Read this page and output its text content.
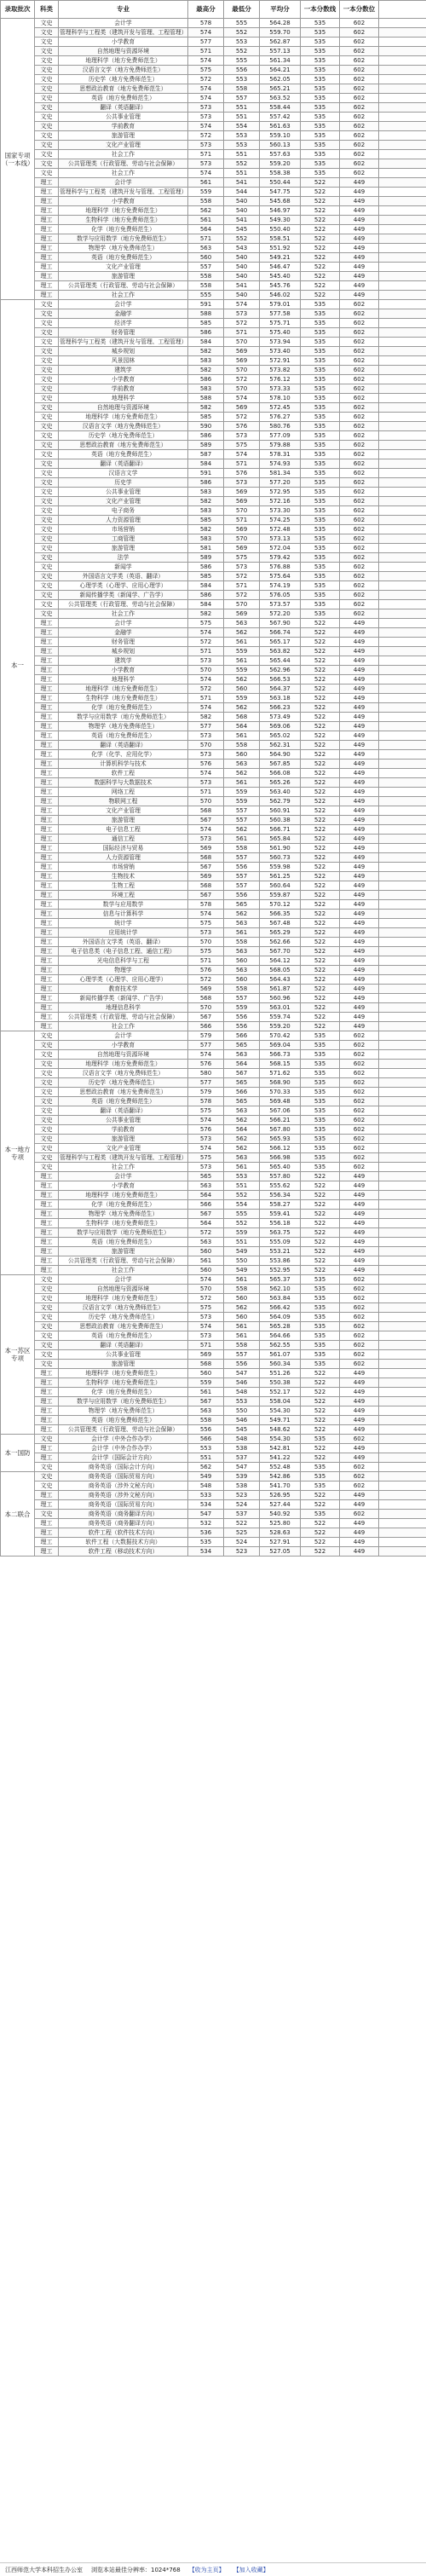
录取批次	科类	专业	最高分	最低分	平均分	一本分数线	一本分数位	
国家专项（一本线）	文史	会计学	578	555	564.28	535	602	
	文史	管理科学与工程类（建筑开发与管理、工程管理）	574	552	559.70	535	602	
	文史	小学教育	577	553	562.87	535	602	
	文史	自然地理与资源环境	571	552	557.13	535	602	
	文史	地理科学（地方免费师范生）	574	555	561.34	535	602	
	文史	汉语言文学（地方免费师范生）	575	556	564.21	535	602	
	文史	历史学（地方免费师范生）	572	553	562.05	535	602	
	文史	思想政治教育（地方免费师范生）	574	558	565.21	535	602	
	文史	英语（地方免费师范生）	574	557	563.52	535	602	
	文史	翻译（英语翻译）	573	551	558.44	535	602	
	文史	公共事业管理	573	551	557.42	535	602	
	文史	学前教育	574	554	561.63	535	602	
	文史	旅游管理	572	553	559.10	535	602	
	文史	文化产业管理	573	553	560.13	535	602	
	文史	社会工作	571	551	557.63	535	602	
	文史	公共管理类（行政管理、劳动与社会保障）	573	552	559.20	535	602	
	文史	社会工作	574	551	558.38	535	602	
	理工	会计学	561	541	550.44	522	449	
	理工	管理科学与工程类（建筑开发与管理、工程管理）	559	544	547.75	522	449	
	理工	小学教育	558	540	545.68	522	449	
	理工	地理科学（地方免费师范生）	562	540	546.97	522	449	
	理工	生物科学（地方免费师范生）	561	541	549.30	522	449	
	理工	化学（地方免费师范生）	564	545	550.40	522	449	
	理工	数学与应用数学（地方免费师范生）	571	552	558.51	522	449	
	理工	物理学（地方免费师范生）	563	543	551.92	522	449	
	理工	英语（地方免费师范生）	560	540	549.21	522	449	
	理工	文化产业管理	557	540	546.47	522	449	
	理工	旅游管理	558	540	545.40	522	449	
	理工	公共管理类（行政管理、劳动与社会保障）	558	541	545.76	522	449	
	理工	社会工作	555	540	546.02	522	449	
本一	文史	会计学	591	574	579.01	535	602	
	文史	金融学	588	573	577.58	535	602	
	文史	经济学	585	572	575.71	535	602	
	文史	财务管理	586	571	575.40	535	602	
	文史	管理科学与工程类（建筑开发与管理、工程管理）	584	570	573.94	535	602	
	文史	城乡规划	582	569	573.40	535	602	
	文史	风景园林	583	569	572.91	535	602	
	文史	建筑学	582	570	573.82	535	602	
	文史	小学教育	586	572	576.12	535	602	
	文史	学前教育	583	570	573.33	535	602	
	文史	地理科学	588	574	578.10	535	602	
	文史	自然地理与资源环境	582	569	572.45	535	602	
	文史	地理科学（地方免费师范生）	585	572	576.27	535	602	
	文史	汉语言文学（地方免费师范生）	590	576	580.76	535	602	
	文史	历史学（地方免费师范生）	586	573	577.09	535	602	
	文史	思想政治教育（地方免费师范生）	589	575	579.88	535	602	
	文史	英语（地方免费师范生）	587	574	578.31	535	602	
	文史	翻译（英语翻译）	584	571	574.93	535	602	
	文史	汉语言文学	591	576	581.34	535	602	
	文史	历史学	586	573	577.20	535	602	
	文史	公共事业管理	583	569	572.95	535	602	
	文史	文化产业管理	582	569	572.16	535	602	
	文史	电子商务	583	570	573.30	535	602	
	文史	人力资源管理	585	571	574.25	535	602	
	文史	市场营销	582	569	572.48	535	602	
	文史	工商管理	583	570	573.13	535	602	
	文史	旅游管理	581	569	572.04	535	602	
	文史	法学	589	575	579.42	535	602	
	文史	新闻学	586	573	576.88	535	602	
	文史	外国语言文学类（英语、翻译）	585	572	575.64	535	602	
	文史	心理学类（心理学、应用心理学）	584	571	574.19	535	602	
	文史	新闻传播学类（新闻学、广告学）	586	572	576.05	535	602	
	文史	公共管理类（行政管理、劳动与社会保障）	584	570	573.57	535	602	
	文史	社会工作	582	569	572.20	535	602	
	理工	会计学	575	563	567.90	522	449	
	理工	金融学	574	562	566.74	522	449	
	理工	财务管理	572	561	565.17	522	449	
	理工	城乡规划	571	559	563.82	522	449	
	理工	建筑学	573	561	565.44	522	449	
	理工	小学教育	570	559	562.96	522	449	
	理工	地理科学	574	562	566.53	522	449	
	理工	地理科学（地方免费师范生）	572	560	564.37	522	449	
	理工	生物科学（地方免费师范生）	571	559	563.18	522	449	
	理工	化学（地方免费师范生）	574	562	566.23	522	449	
	理工	数学与应用数学（地方免费师范生）	582	568	573.49	522	449	
	理工	物理学（地方免费师范生）	577	564	569.06	522	449	
	理工	英语（地方免费师范生）	573	561	565.02	522	449	
	理工	翻译（英语翻译）	570	558	562.31	522	449	
	理工	化学（化学、应用化学）	573	560	564.90	522	449	
	理工	计算机科学与技术	576	563	567.85	522	449	
	理工	软件工程	574	562	566.08	522	449	
	理工	数据科学与大数据技术	573	561	565.26	522	449	
	理工	网络工程	571	559	563.40	522	449	
	理工	物联网工程	570	559	562.79	522	449	
	理工	文化产业管理	568	557	560.91	522	449	
	理工	旅游管理	567	557	560.38	522	449	
	理工	电子信息工程	574	562	566.71	522	449	
	理工	通信工程	573	561	565.84	522	449	
	理工	国际经济与贸易	569	558	561.90	522	449	
	理工	人力资源管理	568	557	560.73	522	449	
	理工	市场营销	567	556	559.98	522	449	
	理工	生物技术	569	557	561.25	522	449	
	理工	生物工程	568	557	560.64	522	449	
	理工	环境工程	567	556	559.87	522	449	
	理工	数学与应用数学	578	565	570.12	522	449	
	理工	信息与计算科学	574	562	566.35	522	449	
	理工	统计学	575	563	567.48	522	449	
	理工	应用统计学	573	561	565.29	522	449	
	理工	外国语言文学类（英语、翻译）	570	558	562.66	522	449	
	理工	电子信息类（电子信息工程、通信工程）	575	563	567.70	522	449	
	理工	光电信息科学与工程	571	560	564.12	522	449	
	理工	物理学	576	563	568.05	522	449	
	理工	心理学类（心理学、应用心理学）	572	560	564.43	522	449	
	理工	教育技术学	569	558	561.87	522	449	
	理工	新闻传播学类（新闻学、广告学）	568	557	560.96	522	449	
	理工	地理信息科学	570	559	563.01	522	449	
	理工	公共管理类（行政管理、劳动与社会保障）	567	556	559.74	522	449	
	理工	社会工作	566	556	559.20	522	449	
本一地方专项	文史	会计学	579	566	570.42	535	602	
	文史	小学教育	577	565	569.04	535	602	
	文史	自然地理与资源环境	574	563	566.73	535	602	
	文史	地理科学（地方免费师范生）	576	564	568.15	535	602	
	文史	汉语言文学（地方免费师范生）	580	567	571.62	535	602	
	文史	历史学（地方免费师范生）	577	565	568.90	535	602	
	文史	思想政治教育（地方免费师范生）	579	566	570.33	535	602	
	文史	英语（地方免费师范生）	578	565	569.48	535	602	
	文史	翻译（英语翻译）	575	563	567.06	535	602	
	文史	公共事业管理	574	562	566.21	535	602	
	文史	学前教育	576	564	567.80	535	602	
	文史	旅游管理	573	562	565.93	535	602	
	文史	文化产业管理	574	562	566.12	535	602	
	文史	管理科学与工程类（建筑开发与管理、工程管理）	575	563	566.98	535	602	
	文史	社会工作	573	561	565.40	535	602	
	理工	会计学	565	553	557.80	522	449	
	理工	小学教育	563	551	555.62	522	449	
	理工	地理科学（地方免费师范生）	564	552	556.34	522	449	
	理工	化学（地方免费师范生）	566	554	558.27	522	449	
	理工	物理学（地方免费师范生）	567	555	559.41	522	449	
	理工	生物科学（地方免费师范生）	564	552	556.18	522	449	
	理工	数学与应用数学（地方免费师范生）	572	559	563.75	522	449	
	理工	英语（地方免费师范生）	563	551	555.09	522	449	
	理工	旅游管理	560	549	553.21	522	449	
	理工	公共管理类（行政管理、劳动与社会保障）	561	550	553.86	522	449	
	理工	社会工作	560	549	552.95	522	449	
本一苏区专项	文史	会计学	574	561	565.37	535	602	
	文史	自然地理与资源环境	570	558	562.10	535	602	
	文史	地理科学（地方免费师范生）	572	560	563.84	535	602	
	文史	汉语言文学（地方免费师范生）	575	562	566.42	535	602	
	文史	历史学（地方免费师范生）	573	560	564.09	535	602	
	文史	思想政治教育（地方免费师范生）	574	561	565.28	535	602	
	文史	英语（地方免费师范生）	573	561	564.66	535	602	
	文史	翻译（英语翻译）	571	558	562.55	535	602	
	文史	公共事业管理	569	557	561.07	535	602	
	文史	旅游管理	568	556	560.34	535	602	
	理工	地理科学（地方免费师范生）	560	547	551.26	522	449	
	理工	生物科学（地方免费师范生）	559	546	550.38	522	449	
	理工	化学（地方免费师范生）	561	548	552.17	522	449	
	理工	数学与应用数学（地方免费师范生）	567	553	558.04	522	449	
	理工	物理学（地方免费师范生）	563	550	554.30	522	449	
	理工	英语（地方免费师范生）	558	546	549.71	522	449	
	理工	公共管理类（行政管理、劳动与社会保障）	556	545	548.62	522	449	
本一国防	文史	会计学（中外合作办学）	566	548	554.30	535	602	
	理工	会计学（中外合作办学）	553	538	542.81	522	449	
	理工	会计学（国际会计方向）	551	537	541.22	522	449	
	文史	商务英语（国际会计方向）	562	547	552.48	535	602	
本二联合	文史	商务英语（国际贸易方向）	549	539	542.86	535	602	
	文史	商务英语（涉外文秘方向）	548	538	541.70	535	602	
	理工	商务英语（涉外文秘方向）	533	523	526.95	522	449	
	理工	商务英语（国际贸易方向）	534	524	527.44	522	449	
	文史	商务英语（商务翻译方向）	547	537	540.92	535	602	
	理工	商务英语（商务翻译方向）	532	522	525.80	522	449	
	理工	软件工程（软件技术方向）	536	525	528.63	522	449	
	理工	软件工程（大数据技术方向）	535	524	527.91	522	449	
	理工	软件工程（移动技术方向）	534	523	527.05	522	449	
江西师范大学本科招生办公室 浏览本站最佳分辨率：1024*768 【收为主页】 【加入收藏】
